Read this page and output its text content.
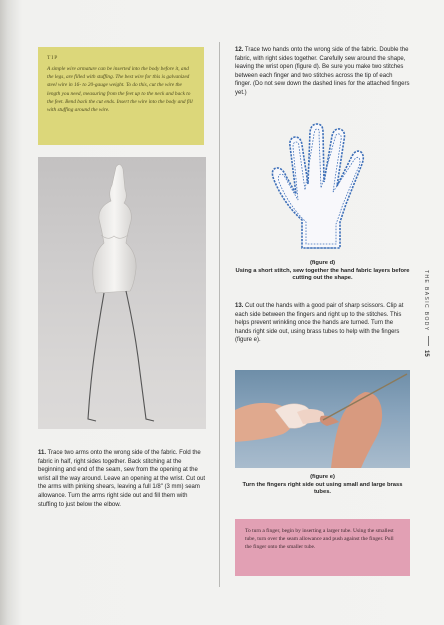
TIP

A simple wire armature can be inserted into the body before it, and the legs, are filled with stuffing. The best wire for this is galvanized steel wire in 16- to 20-gauge weight. To do this, cut the wire the length you need, measuring from the feet up to the neck and back to the feet. Bend back the cut ends. Insert the wire into the body and fill with stuffing around the wire.

11. Trace two arms onto the wrong side of the fabric. Fold the fabric in half, right sides together. Back stitching at the beginning and end of the seam, sew from the opening at the wrist all the way around. Leave an opening at the wrist. Cut out the arms with pinking shears, leaving a full 1/8" (3 mm) seam allowance. Turn the arms right side out and fill them with stuffing to just below the elbow.

12. Trace two hands onto the wrong side of the fabric. Double the fabric, with right sides together. Carefully sew around the shape, leaving the wrist open (figure d). Be sure you make two stitches between each finger and two stitches across the tip of each finger. (Do not sew down the dashed lines for the attached fingers yet.)

(figure d)
Using a short stitch, sew together the hand fabric layers before cutting out the shape.

13. Cut out the hands with a good pair of sharp scissors. Clip at each side between the fingers and right up to the stitches. This helps prevent wrinkling once the hands are turned. Turn the hands right side out, using brass tubes to help with the fingers (figure e).

(figure e)
Turn the fingers right side out using small and large brass tubes.

To turn a finger, begin by inserting a larger tube. Using the smallest tube, turn over the seam allowance and push against the finger. Pull the finger onto the smaller tube.

THE BASIC BODY
15
